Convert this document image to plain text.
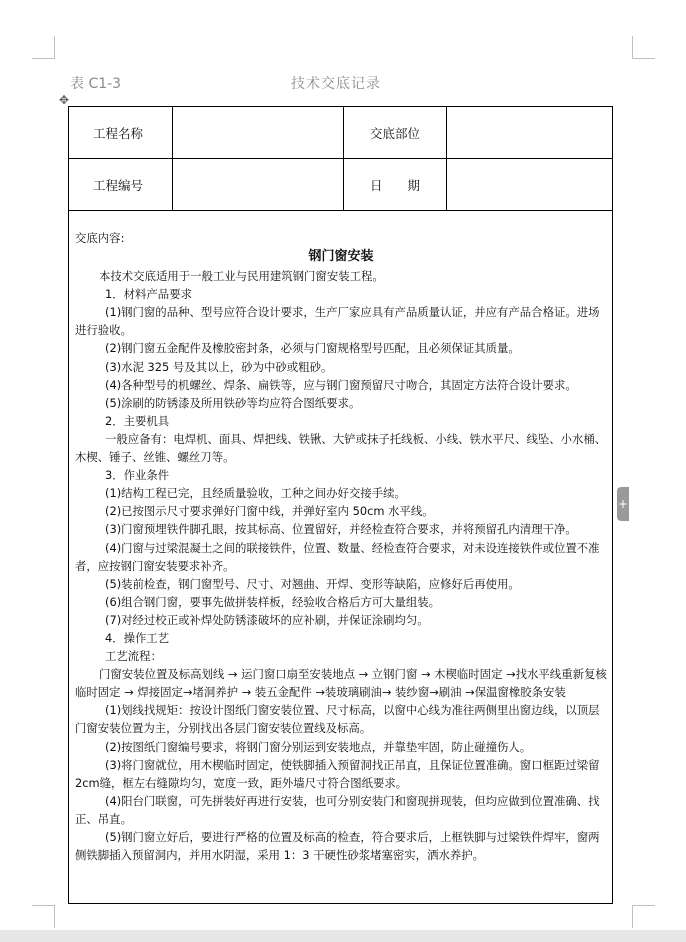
表 C1-3	技术交底记录
✥
+
工程名称		交底部位	
工程编号		日　　期	

交底内容:

钢门窗安装

本技术交底适用于一般工业与民用建筑钢门窗安装工程。

1．材料产品要求

(1)钢门窗的品种、型号应符合设计要求，生产厂家应具有产品质量认证，并应有产品合格证。进场进行验收。

(2)钢门窗五金配件及橡胶密封条，必须与门窗规格型号匹配，且必须保证其质量。

(3)水泥 325 号及其以上，砂为中砂或粗砂。

(4)各种型号的机螺丝、焊条、扁铁等，应与钢门窗预留尺寸吻合，其固定方法符合设计要求。

(5)涂刷的防锈漆及所用铁砂等均应符合图纸要求。

2．主要机具

一般应备有：电焊机、面具、焊把线、铁锹、大铲或抹子托线板、小线、铁水平尺、线坠、小水桶、木楔、锤子、丝锥、螺丝刀等。

3．作业条件

(1)结构工程已完，且经质量验收，工种之间办好交接手续。

(2)已按图示尺寸要求弹好门窗中线，并弹好室内 50cm 水平线。

(3)门窗预埋铁件脚孔眼，按其标高、位置留好，并经检查符合要求，并将预留孔内清理干净。

(4)门窗与过梁混凝土之间的联接铁件，位置、数量、经检查符合要求，对未设连接铁件或位置不准者，应按钢门窗安装要求补齐。

(5)装前检查，钢门窗型号、尺寸、对翘曲、开焊、变形等缺陷，应修好后再使用。

(6)组合钢门窗，要事先做拼装样板，经验收合格后方可大量组装。

(7)对经过校正或补焊处防锈漆破坏的应补刷，并保证涂刷均匀。

4．操作工艺

工艺流程：

门窗安装位置及标高划线 → 运门窗口扇至安装地点 → 立钢门窗 → 木楔临时固定 →找水平线重新复核临时固定 → 焊接固定→堵洞养护 → 装五金配件 →装玻璃刷油→ 装纱窗→刷油 →保温窗橡胶条安装

(1)划线找规矩：按设计图纸门窗安装位置、尺寸标高，以窗中心线为准往两侧里出窗边线，以顶层门窗安装位置为主，分别找出各层门窗安装位置线及标高。

(2)按图纸门窗编号要求，将钢门窗分别运到安装地点，并靠垫牢固，防止碰撞伤人。

(3)将门窗就位，用木楔临时固定，使铁脚插入预留洞找正吊直，且保证位置准确。窗口框距过梁留 2cm缝，框左右缝隙均匀，宽度一致，距外墙尺寸符合图纸要求。

(4)阳台门联窗，可先拼装好再进行安装，也可分别安装门和窗现拼现装，但均应做到位置准确、找正、吊直。

(5)钢门窗立好后，要进行严格的位置及标高的检查，符合要求后，上框铁脚与过梁铁件焊牢，窗两侧铁脚插入预留洞内，并用水阴湿，采用 1：3 干硬性砂浆堵塞密实，洒水养护。
